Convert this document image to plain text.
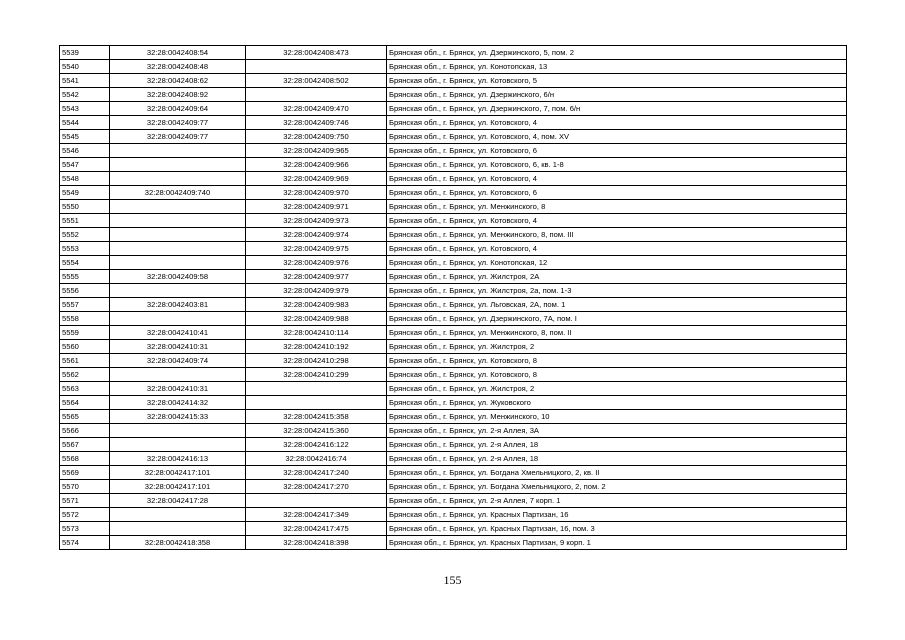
5539	32:28:0042408:54	32:28:0042408:473	Брянская обл., г. Брянск, ул. Дзержинского, 5, пом. 2
5540	32:28:0042408:48		Брянская обл., г. Брянск, ул. Конотопская, 13
5541	32:28:0042408:62	32:28:0042408:502	Брянская обл., г. Брянск, ул. Котовского, 5
5542	32:28:0042408:92		Брянская обл., г. Брянск, ул. Дзержинского, 6/н
5543	32:28:0042409:64	32:28:0042409:470	Брянская обл., г. Брянск, ул. Дзержинского, 7, пом. 6/н
5544	32:28:0042409:77	32:28:0042409:746	Брянская обл., г. Брянск, ул. Котовского, 4
5545	32:28:0042409:77	32:28:0042409:750	Брянская обл., г. Брянск, ул. Котовского, 4, пом. XV
5546		32:28:0042409:965	Брянская обл., г. Брянск, ул. Котовского, 6
5547		32:28:0042409:966	Брянская обл., г. Брянск, ул. Котовского, 6, кв. 1-8
5548		32:28:0042409:969	Брянская обл., г. Брянск, ул. Котовского, 4
5549	32:28:0042409:740	32:28:0042409:970	Брянская обл., г. Брянск, ул. Котовского, 6
5550		32:28:0042409:971	Брянская обл., г. Брянск, ул. Менжинского, 8
5551		32:28:0042409:973	Брянская обл., г. Брянск, ул. Котовского, 4
5552		32:28:0042409:974	Брянская обл., г. Брянск, ул. Менжинского, 8, пом. III
5553		32:28:0042409:975	Брянская обл., г. Брянск, ул. Котовского, 4
5554		32:28:0042409:976	Брянская обл., г. Брянск, ул. Конотопская, 12
5555	32:28:0042409:58	32:28:0042409:977	Брянская обл., г. Брянск, ул. Жилстроя, 2А
5556		32:28:0042409:979	Брянская обл., г. Брянск, ул. Жилстроя, 2а, пом. 1-3
5557	32:28:0042403:81	32:28:0042409:983	Брянская обл., г. Брянск, ул. Льговская, 2А, пом. 1
5558		32:28:0042409:988	Брянская обл., г. Брянск, ул. Дзержинского, 7А, пом. I
5559	32:28:0042410:41	32:28:0042410:114	Брянская обл., г. Брянск, ул. Менжинского, 8, пом. II
5560	32:28:0042410:31	32:28:0042410:192	Брянская обл., г. Брянск, ул. Жилстроя, 2
5561	32:28:0042409:74	32:28:0042410:298	Брянская обл., г. Брянск, ул. Котовского, 8
5562		32:28:0042410:299	Брянская обл., г. Брянск, ул. Котовского, 8
5563	32:28:0042410:31		Брянская обл., г. Брянск, ул. Жилстроя, 2
5564	32:28:0042414:32		Брянская обл., г. Брянск, ул. Жуковского
5565	32:28:0042415:33	32:28:0042415:358	Брянская обл., г. Брянск, ул. Менжинского, 10
5566		32:28:0042415:360	Брянская обл., г. Брянск, ул. 2-я Аллея, 3А
5567		32:28:0042416:122	Брянская обл., г. Брянск, ул. 2-я Аллея, 18
5568	32:28:0042416:13	32:28:0042416:74	Брянская обл., г. Брянск, ул. 2-я Аллея, 18
5569	32:28:0042417:101	32:28:0042417:240	Брянская обл., г. Брянск, ул. Богдана Хмельницкого, 2, кв. II
5570	32:28:0042417:101	32:28:0042417:270	Брянская обл., г. Брянск, ул. Богдана Хмельницкого, 2, пом. 2
5571	32:28:0042417:28		Брянская обл., г. Брянск, ул. 2-я Аллея, 7 корп. 1
5572		32:28:0042417:349	Брянская обл., г. Брянск, ул. Красных Партизан, 16
5573		32:28:0042417:475	Брянская обл., г. Брянск, ул. Красных Партизан, 16, пом. 3
5574	32:28:0042418:358	32:28:0042418:398	Брянская обл., г. Брянск, ул. Красных Партизан, 9 корп. 1
155
